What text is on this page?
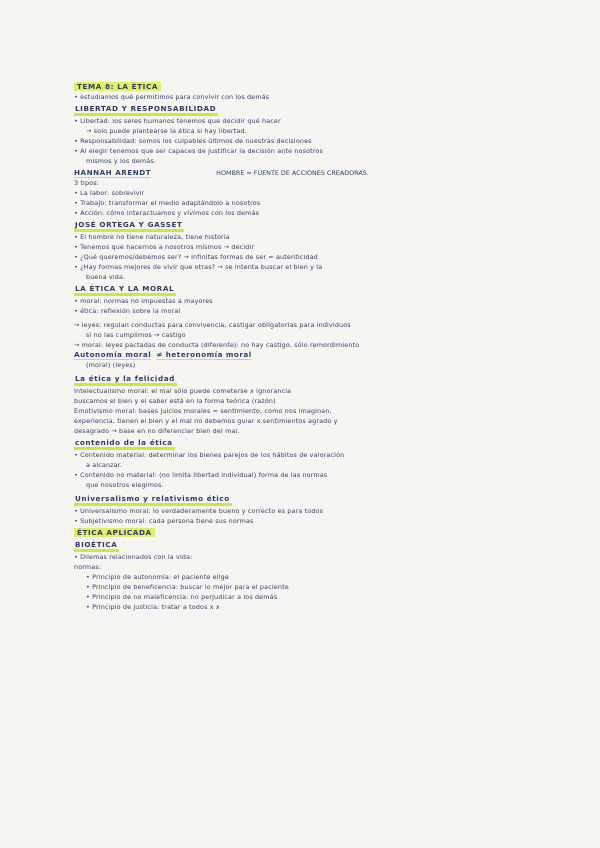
TEMA 8: LA ÉTICA
• estudiamos qué permitimos para convivir con los demás
LIBERTAD Y RESPONSABILIDAD
• Libertad: los seres humanos tenemos que decidir qué hacer
→ solo puede plantearse la ética si hay libertad.
• Responsabilidad: somos los culpables últimos de nuestras decisiones
• Al elegir tenemos que ser capaces de justificar la decisión ante nosotros
mismos y los demás.
HANNAH ARENDT	HOMBRE = FUENTE DE ACCIONES CREADORAS.
3 tipos:
• La labor: sobrevivir
• Trabajo: transformar el medio adaptándolo a nosotros
• Acción: cómo interactuamos y vivimos con los demás
JOSÉ ORTEGA Y GASSET
• El hombre no tiene naturaleza, tiene historia
• Tenemos que hacernos a nosotros mismos → decidir
• ¿Qué queremos/debemos ser? → infinitas formas de ser = autenticidad
• ¿Hay formas mejores de vivir que otras? → se intenta buscar el bien y la
buena vida.
LA ÉTICA Y LA MORAL
• moral: normas no impuestas a mayores
• ética: reflexión sobre la moral
→ leyes: regulan conductas para convivencia, castigar obligatorias para individuos
si no las cumplimos → castigo
→ moral: leyes pactadas de conducta (diferente): no hay castigo, sólo remordimiento
Autonomía moral ≠ heteronomía moral
(moral) (leyes)
La ética y la felicidad
Intelectualismo moral: el mal sólo puede cometerse x ignorancia
buscamos el bien y el saber está en la forma teórica (razón)
Emotivismo moral: bases juicios morales = sentimiento, como nos imaginan,
experiencia, tienen el bien y el mal no debemos guiar x sentimientos agrado y
desagrado → base en no diferenciar bien del mal.
contenido de la ética
• Contenido material: determinar los bienes parejos de los hábitos de valoración
a alcanzar.
• Contenido no material: (no limita libertad individual) forma de las normas
que nosotros elegimos.
Universalismo y relativismo ético
• Universalismo moral: lo verdaderamente bueno y correcto es para todos
• Subjetivismo moral: cada persona tiene sus normas
ÉTICA APLICADA
BIOÉTICA
• Dilemas relacionados con la vida:
normas:
• Principio de autonomía: el paciente elige
• Principio de beneficencia: buscar lo mejor para el paciente
• Principio de no maleficencia: no perjudicar a los demás
• Principio de justicia: tratar a todos x x
